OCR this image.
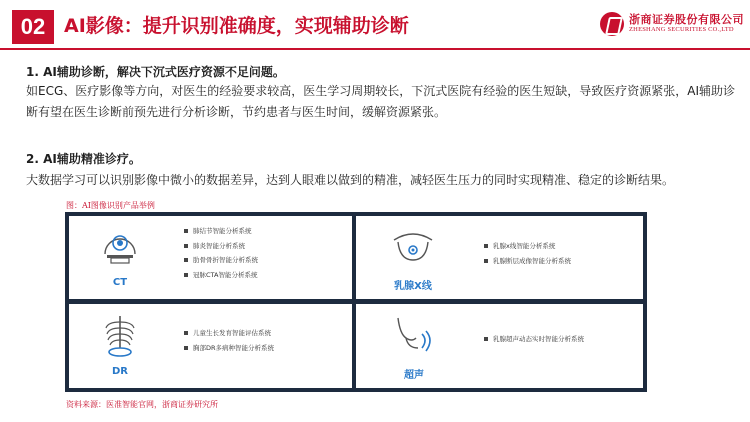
02 AI影像：提升识别准确度，实现辅助诊断	浙商证券股份有限公司
ZHESHANG SECURITIES CO.,LTD
1. AI辅助诊断，解决下沉式医疗资源不足问题。
如ECG、医疗影像等方向，对医生的经验要求较高，医生学习周期较长，下沉式医院有经验的医生短缺，导致医疗资源紧张，AI辅助诊断有望在医生诊断前预先进行分析诊断，节约患者与医生时间，缓解资源紧张。
2. AI辅助精准诊疗。
大数据学习可以识别影像中微小的数据差异，达到人眼难以做到的精准，减轻医生压力的同时实现精准、稳定的诊断结果。
图：AI图像识别产品举例
CT
肺结节智能分析系统
肺炎智能分析系统
肋骨骨折智能分析系统
冠脉CTA智能分析系统
乳腺X线
乳腺x线智能分析系统
乳腺断层成像智能分析系统
DR
儿童生长发育智能评估系统
胸部DR多病种智能分析系统
超声
乳腺超声动态实时智能分析系统
资料来源：医准智能官网，浙商证券研究所
